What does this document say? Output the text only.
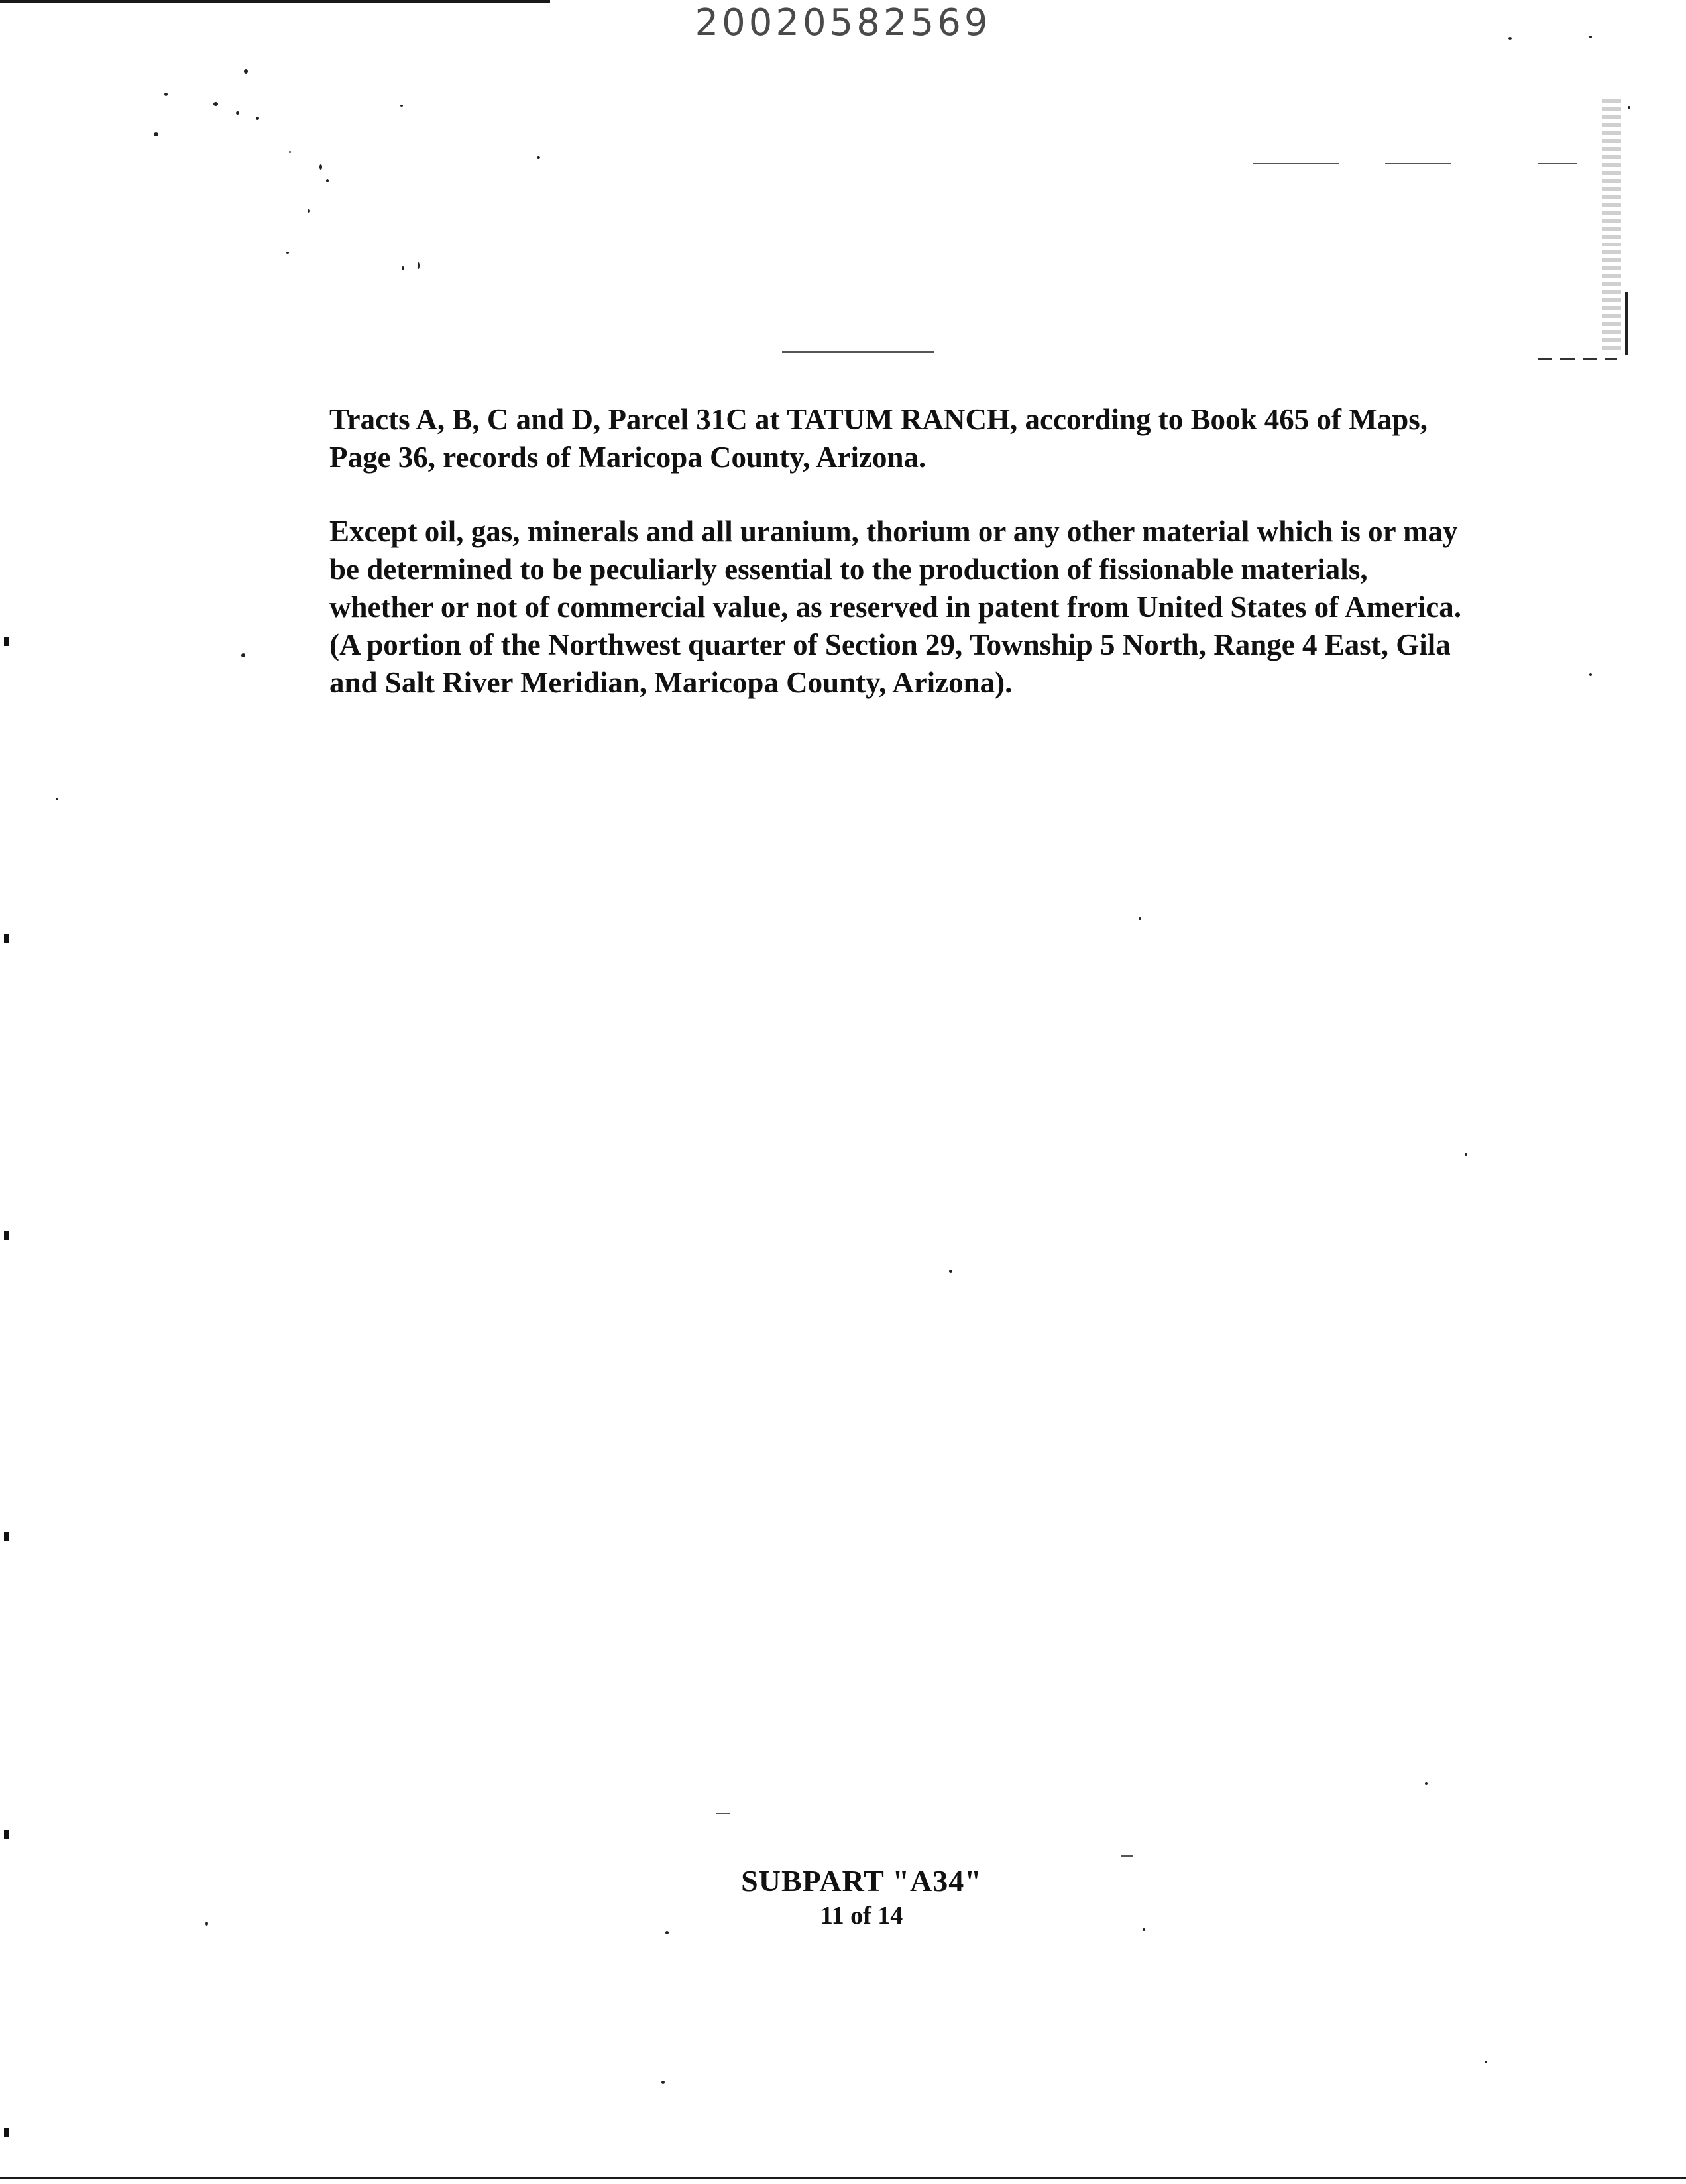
20020582569

Tracts A, B, C and D, Parcel 31C at TATUM RANCH, according to Book 465 of Maps,

Page 36, records of Maricopa County, Arizona.

Except oil, gas, minerals and all uranium, thorium or any other material which is or may

be determined to be peculiarly essential to the production of fissionable materials,

whether or not of commercial value, as reserved in patent from United States of America.

(A portion of the Northwest quarter of Section 29, Township 5 North, Range 4 East, Gila

and Salt River Meridian, Maricopa County, Arizona).

SUBPART "A34"
11 of 14
